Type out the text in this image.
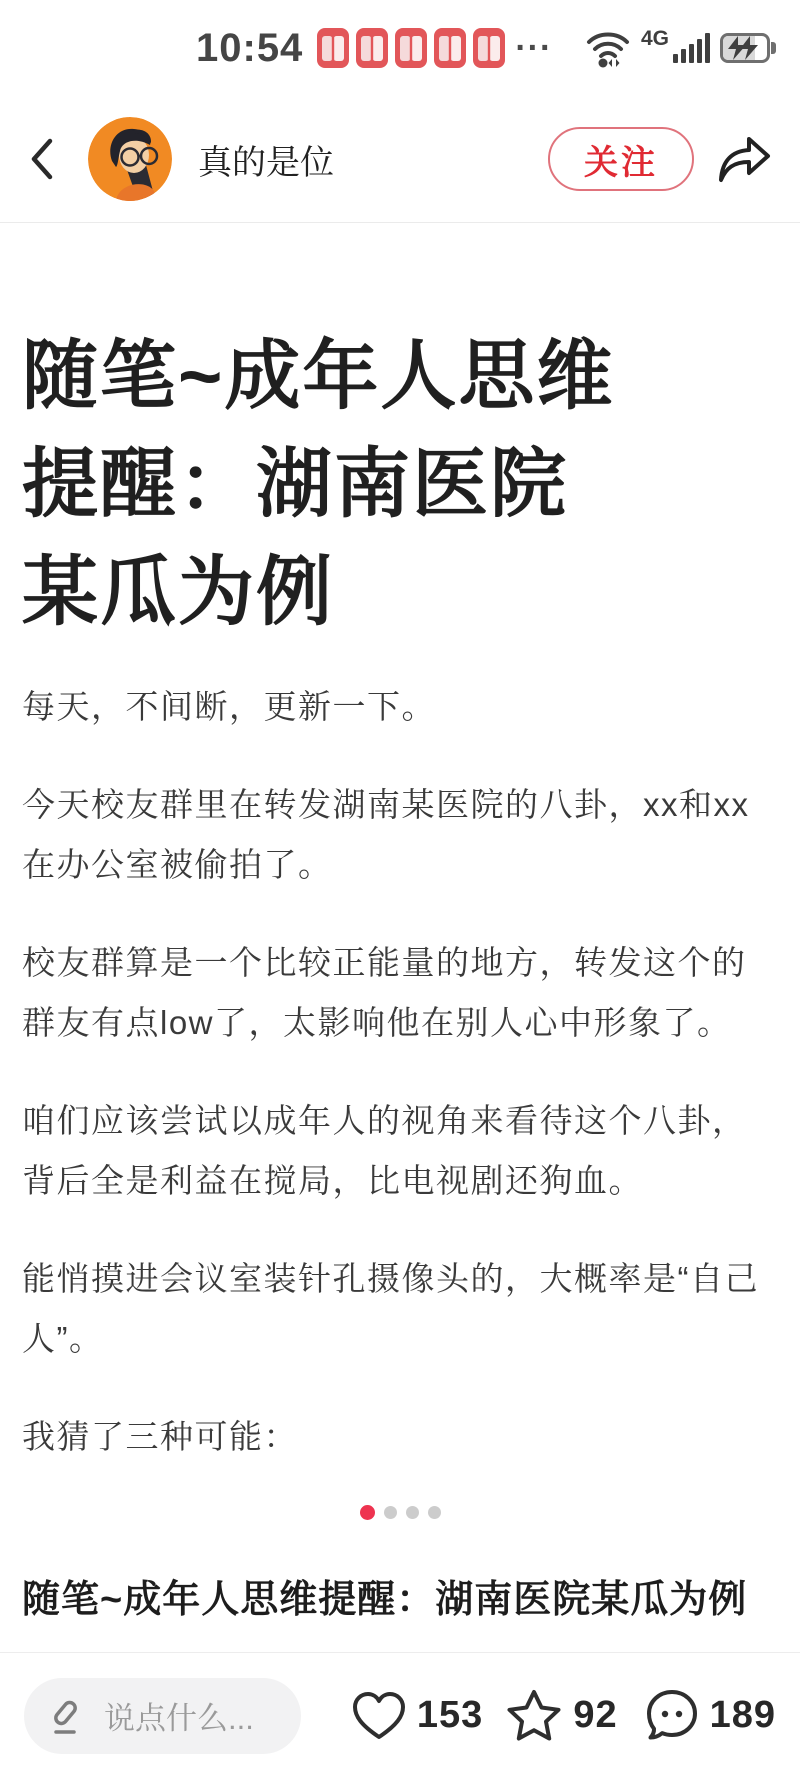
10:54	···	4G
真的是位	关注
随笔~成年人思维
提醒：湖南医院
某瓜为例

每天，不间断，更新一下。

今天校友群里在转发湖南某医院的八卦，xx和xx在办公室被偷拍了。

校友群算是一个比较正能量的地方，转发这个的群友有点low了，太影响他在别人心中形象了。

咱们应该尝试以成年人的视角来看待这个八卦，背后全是利益在搅局，比电视剧还狗血。

能悄摸进会议室装针孔摄像头的，大概率是“自己人”。

我猜了三种可能：

随笔~成年人思维提醒：湖南医院某瓜为例
说点什么...	153 92 189
